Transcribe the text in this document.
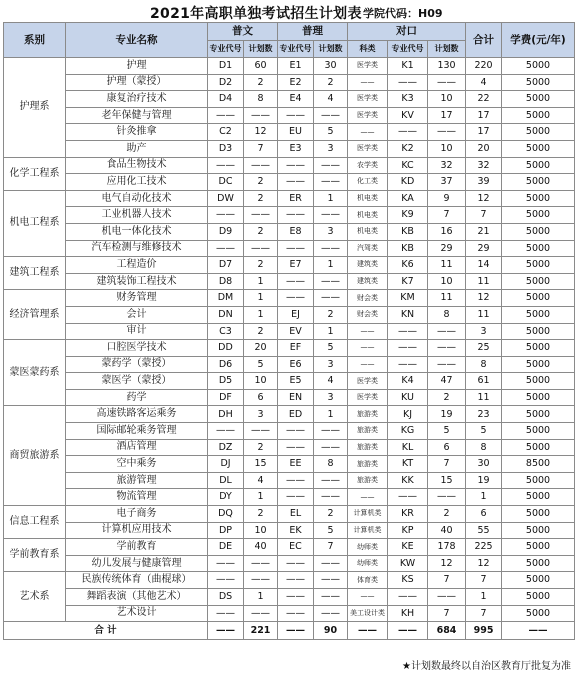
2021年高职单独考试招生计划表 学院代码：H09
系别	专业名称	普文		普理		对口			合计	学费(元/年)
		专业代号	计划数	专业代号	计划数	科类	专业代号	计划数		
护理系	护理	D1	60	E1	30	医学类	K1	130	220	5000
	护理（蒙授）	D2	2	E2	2	——	——	——	4	5000
	康复治疗技术	D4	8	E4	4	医学类	K3	10	22	5000
	老年保健与管理	——	——	——	——	医学类	KV	17	17	5000
	针灸推拿	C2	12	EU	5	——	——	——	17	5000
	助产	D3	7	E3	3	医学类	K2	10	20	5000
化学工程系	食品生物技术	——	——	——	——	农学类	KC	32	32	5000
	应用化工技术	DC	2	——	——	化工类	KD	37	39	5000
机电工程系	电气自动化技术	DW	2	ER	1	机电类	KA	9	12	5000
	工业机器人技术	——	——	——	——	机电类	K9	7	7	5000
	机电一体化技术	D9	2	E8	3	机电类	KB	16	21	5000
	汽车检测与维修技术	——	——	——	——	汽驾类	KB	29	29	5000
建筑工程系	工程造价	D7	2	E7	1	建筑类	K6	11	14	5000
	建筑装饰工程技术	D8	1	——	——	建筑类	K7	10	11	5000
经济管理系	财务管理	DM	1	——	——	财会类	KM	11	12	5000
	会计	DN	1	EJ	2	财会类	KN	8	11	5000
	审计	C3	2	EV	1	——	——	——	3	5000
蒙医蒙药系	口腔医学技术	DD	20	EF	5	——	——	——	25	5000
	蒙药学（蒙授）	D6	5	E6	3	——	——	——	8	5000
	蒙医学（蒙授）	D5	10	E5	4	医学类	K4	47	61	5000
	药学	DF	6	EN	3	医学类	KU	2	11	5000
商贸旅游系	高速铁路客运乘务	DH	3	ED	1	旅游类	KJ	19	23	5000
	国际邮轮乘务管理	——	——	——	——	旅游类	KG	5	5	5000
	酒店管理	DZ	2	——	——	旅游类	KL	6	8	5000
	空中乘务	DJ	15	EE	8	旅游类	KT	7	30	8500
	旅游管理	DL	4	——	——	旅游类	KK	15	19	5000
	物流管理	DY	1	——	——	——	——	——	1	5000
信息工程系	电子商务	DQ	2	EL	2	计算机类	KR	2	6	5000
	计算机应用技术	DP	10	EK	5	计算机类	KP	40	55	5000
学前教育系	学前教育	DE	40	EC	7	幼师类	KE	178	225	5000
	幼儿发展与健康管理	——	——	——	——	幼师类	KW	12	12	5000
艺术系	民族传统体育（曲棍球）	——	——	——	——	体育类	KS	7	7	5000
	舞蹈表演（其他艺术）	DS	1	——	——	——	——	——	1	5000
	艺术设计	——	——	——	——	美工设计类	KH	7	7	5000
合 计		——	221	——	90	——	——	684	995	——
★计划数最终以自治区教育厅批复为准
